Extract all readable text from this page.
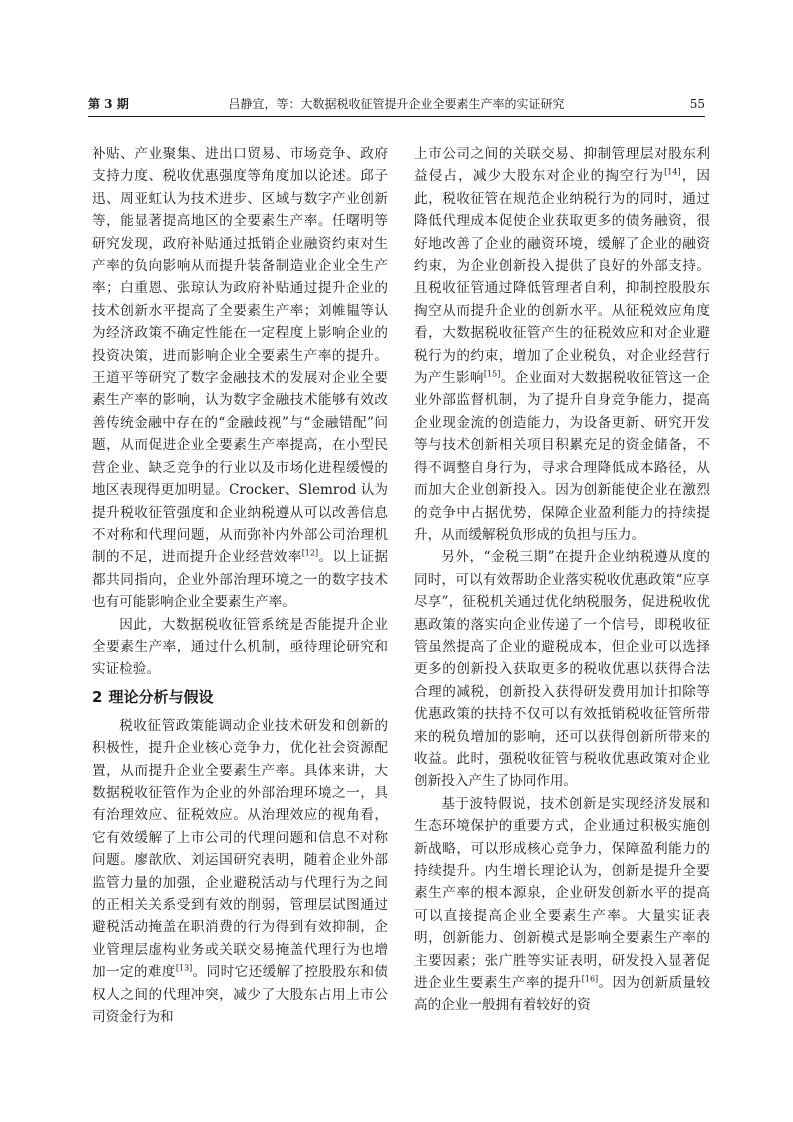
第 3 期	吕静宜，等：大数据税收征管提升企业全要素生产率的实证研究	55

补贴、产业聚集、进出口贸易、市场竞争、政府支持力度、税收优惠强度等角度加以论述。邱子迅、周亚虹认为技术进步、区域与数字产业创新等，能显著提高地区的全要素生产率。任曙明等研究发现，政府补贴通过抵销企业融资约束对生产率的负向影响从而提升装备制造业企业全生产率；白重恩、张琼认为政府补贴通过提升企业的技术创新水平提高了全要素生产率；刘帷韫等认为经济政策不确定性能在一定程度上影响企业的投资决策，进而影响企业全要素生产率的提升。王道平等研究了数字金融技术的发展对企业全要素生产率的影响，认为数字金融技术能够有效改善传统金融中存在的“金融歧视”与“金融错配”问题，从而促进企业全要素生产率提高，在小型民营企业、缺乏竞争的行业以及市场化进程缓慢的地区表现得更加明显。Crocker、Slemrod 认为提升税收征管强度和企业纳税遵从可以改善信息不对称和代理问题，从而弥补内外部公司治理机制的不足，进而提升企业经营效率[12]。以上证据都共同指向，企业外部治理环境之一的数字技术也有可能影响企业全要素生产率。

因此，大数据税收征管系统是否能提升企业全要素生产率，通过什么机制，亟待理论研究和实证检验。

2 理论分析与假设

税收征管政策能调动企业技术研发和创新的积极性，提升企业核心竞争力，优化社会资源配置，从而提升企业全要素生产率。具体来讲，大数据税收征管作为企业的外部治理环境之一，具有治理效应、征税效应。从治理效应的视角看，它有效缓解了上市公司的代理问题和信息不对称问题。廖歆欣、刘运国研究表明，随着企业外部监管力量的加强，企业避税活动与代理行为之间的正相关关系受到有效的削弱，管理层试图通过避税活动掩盖在职消费的行为得到有效抑制，企业管理层虚构业务或关联交易掩盖代理行为也增加一定的难度[13]。同时它还缓解了控股股东和债权人之间的代理冲突，减少了大股东占用上市公司资金行为和

上市公司之间的关联交易、抑制管理层对股东利益侵占，减少大股东对企业的掏空行为[14]，因此，税收征管在规范企业纳税行为的同时，通过降低代理成本促使企业获取更多的债务融资，很好地改善了企业的融资环境，缓解了企业的融资约束，为企业创新投入提供了良好的外部支持。且税收征管通过降低管理者自利，抑制控股股东掏空从而提升企业的创新水平。从征税效应角度看，大数据税收征管产生的征税效应和对企业避税行为的约束，增加了企业税负，对企业经营行为产生影响[15]。企业面对大数据税收征管这一企业外部监督机制，为了提升自身竞争能力，提高企业现金流的创造能力，为设备更新、研究开发等与技术创新相关项目积累充足的资金储备，不得不调整自身行为，寻求合理降低成本路径，从而加大企业创新投入。因为创新能使企业在激烈的竞争中占据优势，保障企业盈利能力的持续提升，从而缓解税负形成的负担与压力。

另外，“金税三期”在提升企业纳税遵从度的同时，可以有效帮助企业落实税收优惠政策“应享尽享”，征税机关通过优化纳税服务，促进税收优惠政策的落实向企业传递了一个信号，即税收征管虽然提高了企业的避税成本，但企业可以选择更多的创新投入获取更多的税收优惠以获得合法合理的减税，创新投入获得研发费用加计扣除等优惠政策的扶持不仅可以有效抵销税收征管所带来的税负增加的影响，还可以获得创新所带来的收益。此时，强税收征管与税收优惠政策对企业创新投入产生了协同作用。

基于波特假说，技术创新是实现经济发展和生态环境保护的重要方式，企业通过积极实施创新战略，可以形成核心竞争力，保障盈利能力的持续提升。内生增长理论认为，创新是提升全要素生产率的根本源泉，企业研发创新水平的提高可以直接提高企业全要素生产率。大量实证表明，创新能力、创新模式是影响全要素生产率的主要因素；张广胜等实证表明，研发投入显著促进企业生要素生产率的提升[16]。因为创新质量较高的企业一般拥有着较好的资
